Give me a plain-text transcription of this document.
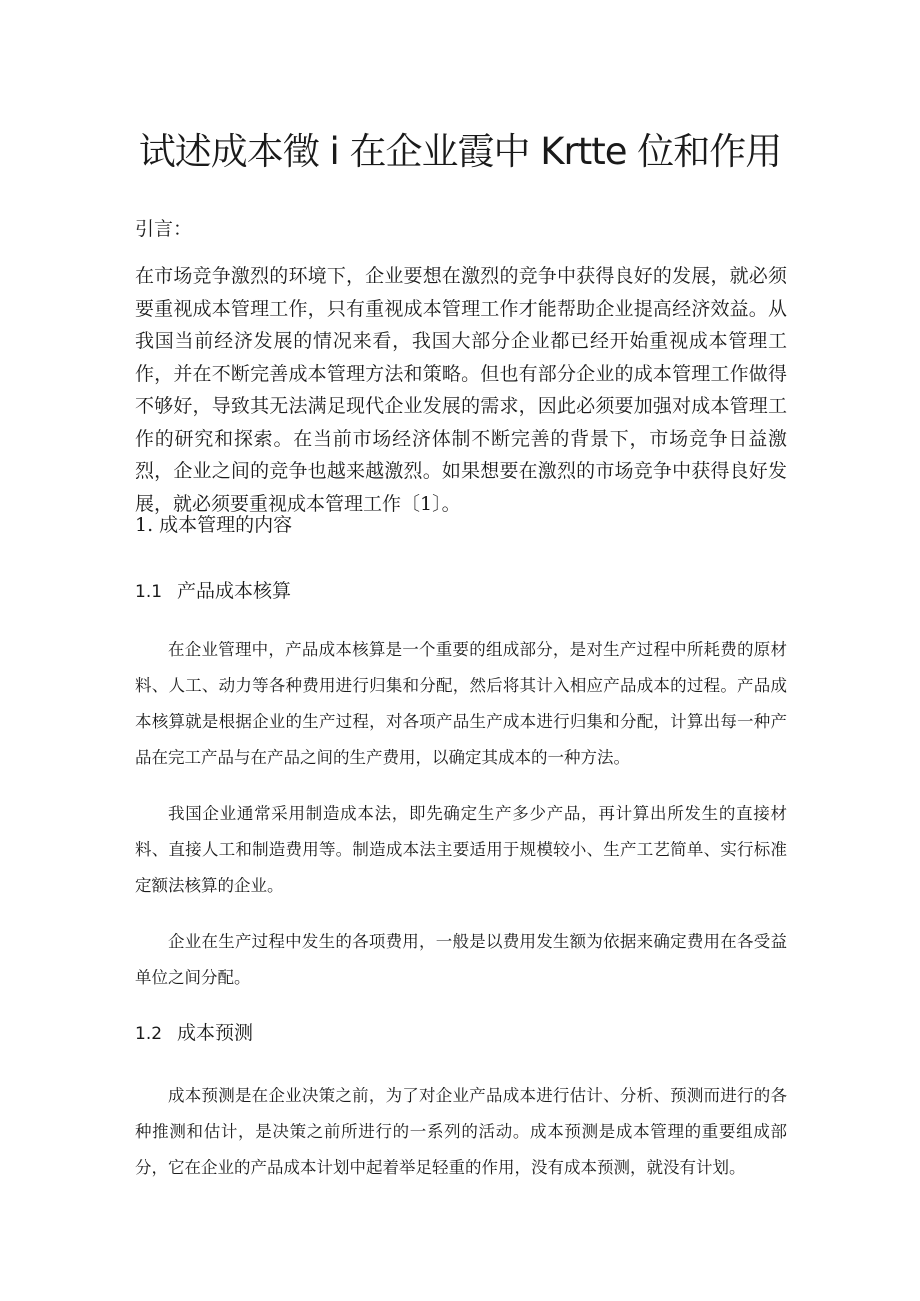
试述成本徵 i 在企业霞中 Krtte 位和作用

引言：

在市场竞争激烈的环境下，企业要想在激烈的竞争中获得良好的发展，就必须要重视成本管理工作，只有重视成本管理工作才能帮助企业提高经济效益。从我国当前经济发展的情况来看，我国大部分企业都已经开始重视成本管理工作，并在不断完善成本管理方法和策略。但也有部分企业的成本管理工作做得不够好，导致其无法满足现代企业发展的需求，因此必须要加强对成本管理工作的研究和探索。在当前市场经济体制不断完善的背景下，市场竞争日益激烈，企业之间的竞争也越来越激烈。如果想要在激烈的市场竞争中获得良好发展，就必须要重视成本管理工作〔1〕。

1. 成本管理的内容
1.1 产品成本核算

在企业管理中，产品成本核算是一个重要的组成部分，是对生产过程中所耗费的原材料、人工、动力等各种费用进行归集和分配，然后将其计入相应产品成本的过程。产品成本核算就是根据企业的生产过程，对各项产品生产成本进行归集和分配，计算出每一种产品在完工产品与在产品之间的生产费用，以确定其成本的一种方法。

我国企业通常采用制造成本法，即先确定生产多少产品，再计算出所发生的直接材料、直接人工和制造费用等。制造成本法主要适用于规模较小、生产工艺简单、实行标准定额法核算的企业。

企业在生产过程中发生的各项费用，一般是以费用发生额为依据来确定费用在各受益单位之间分配。

1.2 成本预测

成本预测是在企业决策之前，为了对企业产品成本进行估计、分析、预测而进行的各种推测和估计，是决策之前所进行的一系列的活动。成本预测是成本管理的重要组成部分，它在企业的产品成本计划中起着举足轻重的作用，没有成本预测，就没有计划。
